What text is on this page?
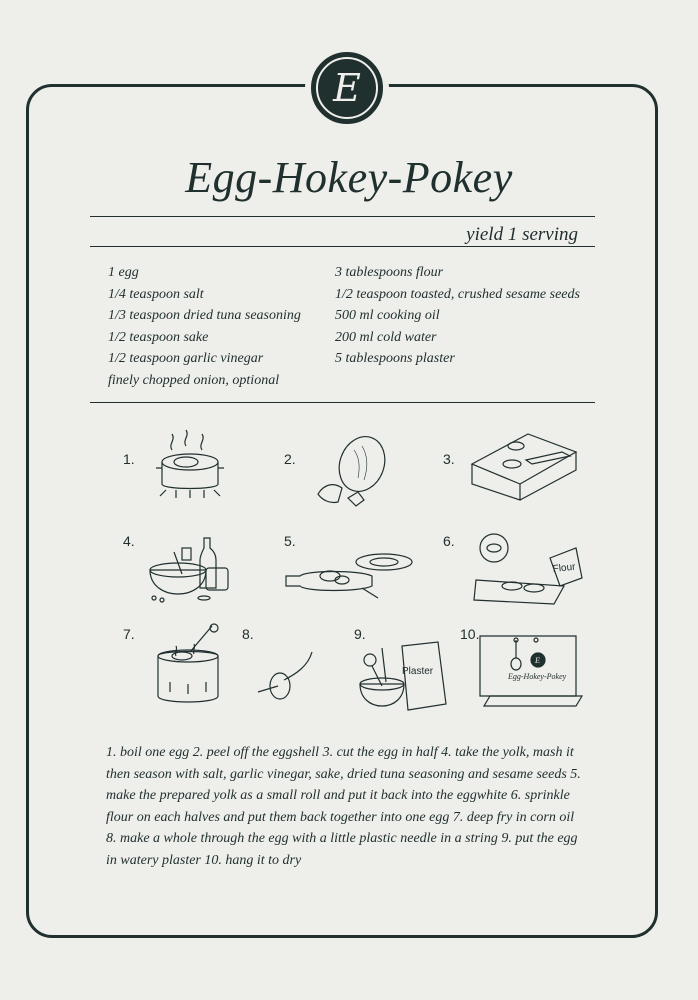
E
Egg-Hokey-Pokey
yield 1 serving
1 egg
1/4 teaspoon salt
1/3 teaspoon dried tuna seasoning
1/2 teaspoon sake
1/2 teaspoon garlic vinegar
finely chopped onion, optional
3 tablespoons flour
1/2 teaspoon toasted, crushed sesame seeds
500 ml cooking oil
200 ml cold water
5 tablespoons plaster
1.	2.	3.
4.	5.	6.
7.	8.	9.	10.
Flour
Plaster
E
Egg-Hokey-Pokey
1. boil one egg 2. peel off the eggshell 3. cut the egg in half 4. take the yolk, mash it then season with salt, garlic vinegar, sake, dried tuna seasoning and sesame seeds 5. make the prepared yolk as a small roll and put it back into the eggwhite 6. sprinkle flour on each halves and put them back together into one egg 7. deep fry in corn oil 8. make a whole through the egg with a little plastic needle in a string 9. put the egg in watery plaster 10. hang it to dry
